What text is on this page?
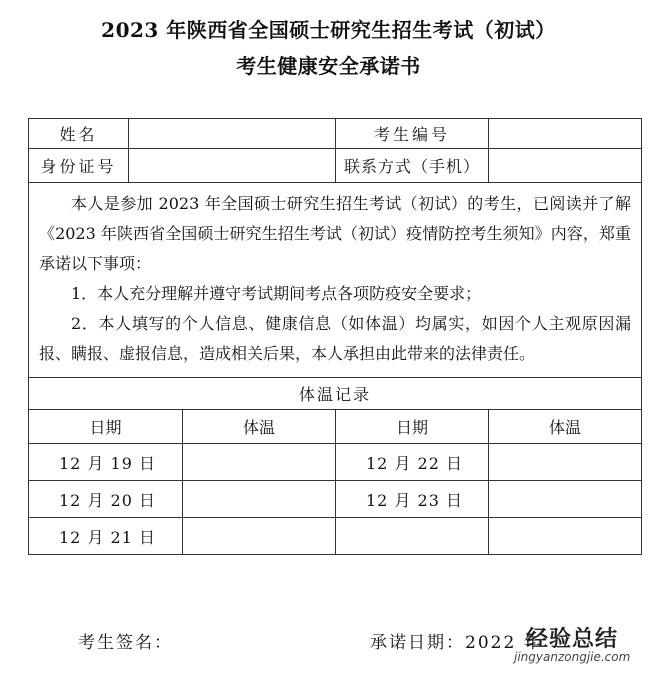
2023 年陕西省全国硕士研究生招生考试（初试）
考生健康安全承诺书
姓名			考生编号	
身份证号			联系方式（手机）	

本人是参加 2023 年全国硕士研究生招生考试（初试）的考生，已阅读并了解《2023 年陕西省全国硕士研究生招生考试（初试）疫情防控考生须知》内容，郑重承诺以下事项：

1．本人充分理解并遵守考试期间考点各项防疫安全要求；

2．本人填写的个人信息、健康信息（如体温）均属实，如因个人主观原因漏报、瞒报、虚报信息，造成相关后果，本人承担由此带来的法律责任。				

体温记录				
日期		体温	日期	体温
12 月 19 日			12 月 22 日	
12 月 20 日			12 月 23 日	
12 月 21 日				
考生签名：	承诺日期：2022 年
经验总结
jingyanzongjie.com
